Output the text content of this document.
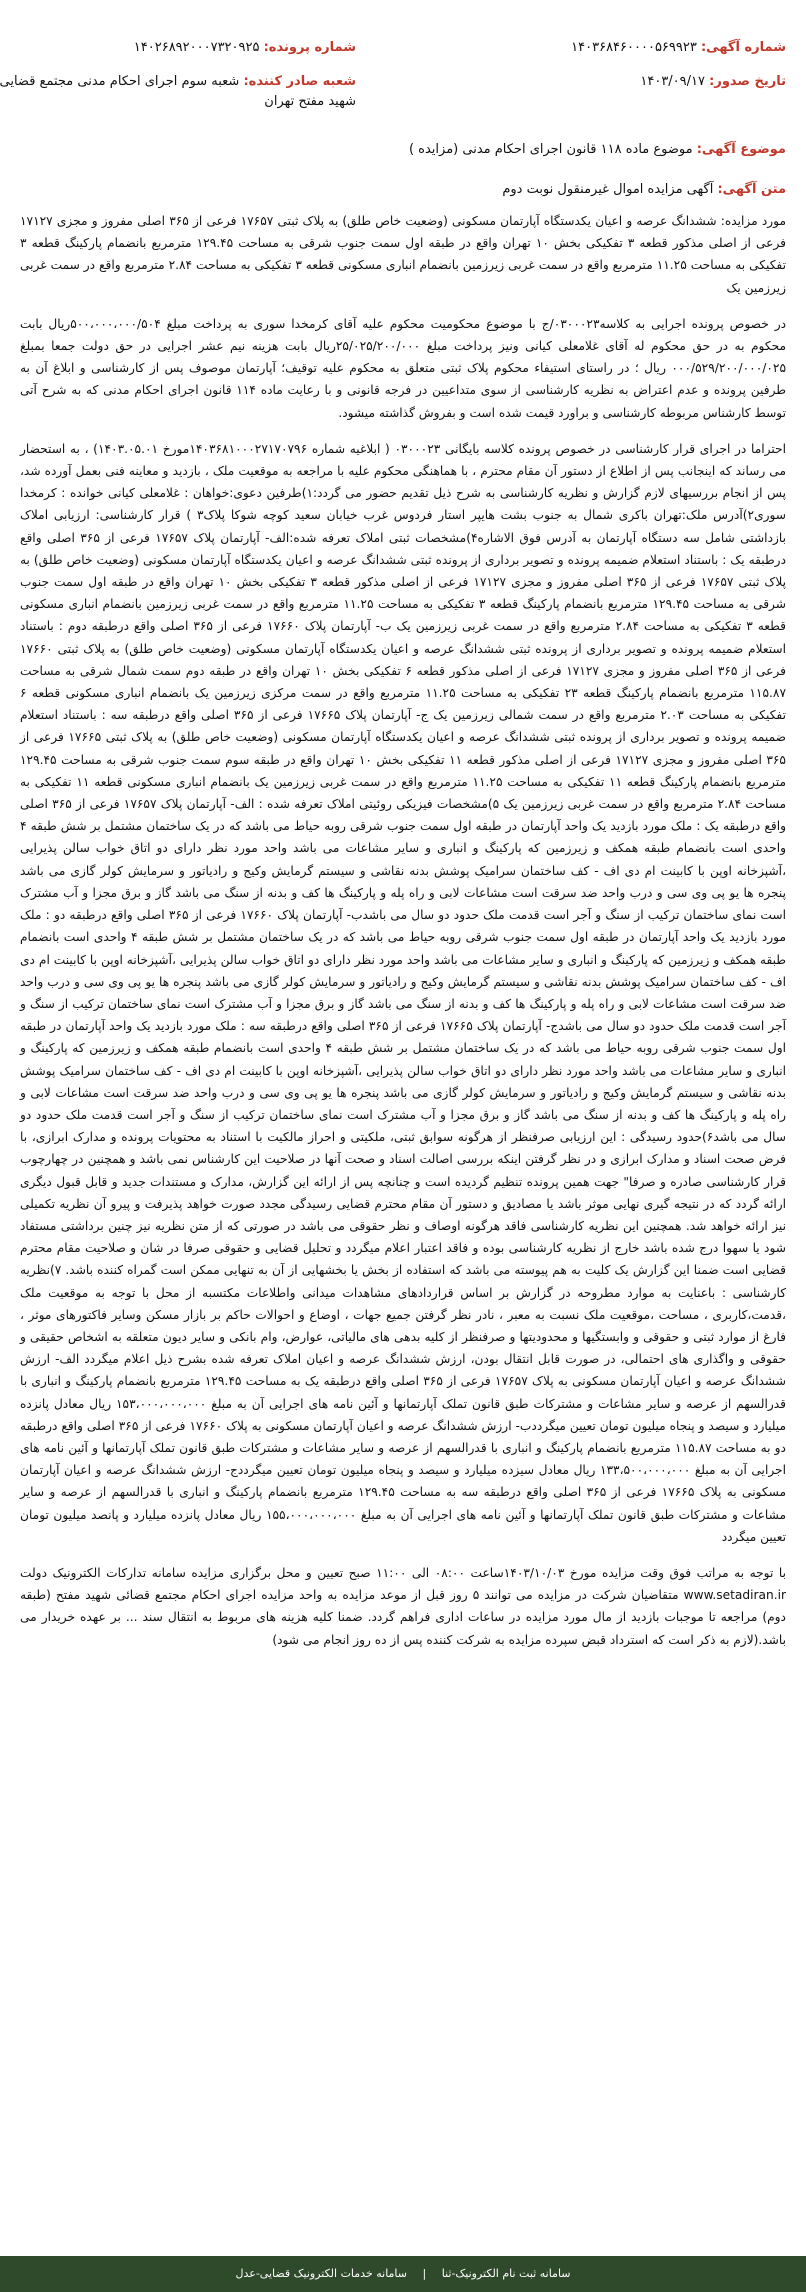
شماره آگهی: ۱۴۰۳۶۸۴۶۰۰۰۰۵۶۹۹۲۳
شماره پرونده: ۱۴۰۲۶۸۹۲۰۰۰۷۳۲۰۹۲۵
تاریخ صدور: ۱۴۰۳/۰۹/۱۷
شعبه صادر کننده: شعبه سوم اجرای احکام مدنی مجتمع قضایی شهید مفتح تهران
موضوع آگهی: موضوع ماده ۱۱۸ قانون اجرای احکام مدنی (مزایده )
متن آگهی: آگهی مزایده اموال غیرمنقول نوبت دوم

مورد مزایده: ششدانگ عرصه و اعیان یکدستگاه آپارتمان مسکونی (وضعیت خاص طلق) به پلاک ثبتی ۱۷۶۵۷ فرعی از ۳۶۵ اصلی مفروز و مجزی ۱۷۱۲۷ فرعی از اصلی مذکور قطعه ۳ تفکیکی بخش ۱۰ تهران واقع در طبقه اول سمت جنوب شرقی به مساحت ۱۲۹.۴۵ مترمربع بانضمام پارکینگ قطعه ۳ تفکیکی به مساحت ۱۱.۲۵ مترمربع واقع در سمت غربی زیرزمین بانضمام انباری مسکونی قطعه ۳ تفکیکی به مساحت ۲.۸۴ مترمربع واقع در سمت غربی زیرزمین یک

در خصوص پرونده اجرایی به کلاسه۰۳۰۰۰۲۳/ج با موضوع محکومیت محکوم علیه آقای کرمخدا سوری به پرداخت مبلغ ۵۰۰،۰۰۰،۰۰۰/۵۰۴ریال بابت محکوم به در حق محکوم له آقای غلامعلی کیانی ونیز پرداخت مبلغ ۲۵/۰۲۵/۲۰۰/۰۰۰ریال بابت هزینه نیم عشر اجرایی در حق دولت جمعا بمبلغ ۰۰۰/۵۲۹/۲۰۰/۰۰۰/۰۲۵ ریال ؛ در راستای استیفاء محکوم پلاک ثبتی متعلق به محکوم علیه توقیف؛ آپارتمان موصوف پس از کارشناسی و ابلاغ آن به طرفین پرونده و عدم اعتراض به نظریه کارشناسی از سوی متداعیین در فرجه قانونی و با رعایت ماده ۱۱۴ قانون اجرای احکام مدنی که به شرح آتی توسط کارشناس مربوطه کارشناسی و براورد قیمت شده است و بفروش گذاشته میشود.

احتراما در اجرای قرار کارشناسی در خصوص پرونده کلاسه بایگانی ۰۳۰۰۰۲۳ ( ابلاغیه شماره ۱۴۰۳۶۸۱۰۰۰۲۷۱۷۰۷۹۶مورخ ۱۴۰۳.۰۵.۰۱) ، به استحضار می رساند که اینجانب پس از اطلاع از دستور آن مقام محترم ، با هماهنگی محکوم علیه با مراجعه به موقعیت ملک ، بازدید و معاینه فنی بعمل آورده شد، پس از انجام بررسیهای لازم گزارش و نظریه کارشناسی به شرح ذیل تقدیم حضور می گردد:۱)طرفین دعوی:خواهان : غلامعلی کیانی خوانده : کرمخدا سوری۲)آدرس ملک:تهران باکری شمال به جنوب بشت هایپر استار فردوس غرب خیابان سعید کوچه شوکا پلاک۳ ) قرار کارشناسی: ارزیابی املاک بازداشتی شامل سه دستگاه آپارتمان به آدرس فوق الاشاره۴)مشخصات ثبتی املاک تعرفه شده:الف- آپارتمان پلاک ۱۷۶۵۷ فرعی از ۳۶۵ اصلی واقع درطبقه یک : باستناد استعلام ضمیمه پرونده و تصویر برداری از پرونده ثبتی ششدانگ عرصه و اعیان یکدستگاه آپارتمان مسکونی (وضعیت خاص طلق) به پلاک ثبتی ۱۷۶۵۷ فرعی از ۳۶۵ اصلی مفروز و مجزی ۱۷۱۲۷ فرعی از اصلی مذکور قطعه ۳ تفکیکی بخش ۱۰ تهران واقع در طبقه اول سمت جنوب شرقی به مساحت ۱۲۹.۴۵ مترمربع بانضمام پارکینگ قطعه ۳ تفکیکی به مساحت ۱۱.۲۵ مترمربع واقع در سمت غربی زیرزمین بانضمام انباری مسکونی قطعه ۳ تفکیکی به مساحت ۲.۸۴ مترمربع واقع در سمت غربی زیرزمین یک ب- آپارتمان پلاک ۱۷۶۶۰ فرعی از ۳۶۵ اصلی واقع درطبقه دوم : باستناد استعلام ضمیمه پرونده و تصویر برداری از پرونده ثبتی ششدانگ عرصه و اعیان یکدستگاه آپارتمان مسکونی (وضعیت خاص طلق) به پلاک ثبتی ۱۷۶۶۰ فرعی از ۳۶۵ اصلی مفروز و مجزی ۱۷۱۲۷ فرعی از اصلی مذکور قطعه ۶ تفکیکی بخش ۱۰ تهران واقع در طبقه دوم سمت شمال شرقی به مساحت ۱۱۵.۸۷ مترمربع بانضمام پارکینگ قطعه ۲۳ تفکیکی به مساحت ۱۱.۲۵ مترمربع واقع در سمت مرکزی زیرزمین یک بانضمام انباری مسکونی قطعه ۶ تفکیکی به مساحت ۲.۰۳ مترمربع واقع در سمت شمالی زیرزمین یک ج- آپارتمان پلاک ۱۷۶۶۵ فرعی از ۳۶۵ اصلی واقع درطبقه سه : باستناد استعلام ضمیمه پرونده و تصویر برداری از پرونده ثبتی ششدانگ عرصه و اعیان یکدستگاه آپارتمان مسکونی (وضعیت خاص طلق) به پلاک ثبتی ۱۷۶۶۵ فرعی از ۳۶۵ اصلی مفروز و مجزی ۱۷۱۲۷ فرعی از اصلی مذکور قطعه ۱۱ تفکیکی بخش ۱۰ تهران واقع در طبقه سوم سمت جنوب شرقی به مساحت ۱۲۹.۴۵ مترمربع بانضمام پارکینگ قطعه ۱۱ تفکیکی به مساحت ۱۱.۲۵ مترمربع واقع در سمت غربی زیرزمین یک بانضمام انباری مسکونی قطعه ۱۱ تفکیکی به مساحت ۲.۸۴ مترمربع واقع در سمت غربی زیرزمین یک ۵)مشخصات فیزیکی روئیتی املاک تعرفه شده : الف- آپارتمان پلاک ۱۷۶۵۷ فرعی از ۳۶۵ اصلی واقع درطبقه یک : ملک مورد بازدید یک واحد آپارتمان در طبقه اول سمت جنوب شرقی روبه حیاط می باشد که در یک ساختمان مشتمل بر شش طبقه ۴ واحدی است بانضمام طبقه همکف و زیرزمین که پارکینگ و انباری و سایر مشاعات می باشد واحد مورد نظر دارای دو اتاق خواب سالن پذیرایی ،آشپزخانه اوپن با کابینت ام دی اف - کف ساختمان سرامیک پوشش بدنه نقاشی و سیستم گرمایش وکیج و رادیاتور و سرمایش کولر گازی می باشد پنجره ها یو پی وی سی و درب واحد ضد سرقت است مشاعات لابی و راه پله و پارکینگ ها کف و بدنه از سنگ می باشد گاز و برق مجزا و آب مشترک است نمای ساختمان ترکیب از سنگ و آجر است قدمت ملک حدود دو سال می باشدب- آپارتمان پلاک ۱۷۶۶۰ فرعی از ۳۶۵ اصلی واقع درطبقه دو : ملک مورد بازدید یک واحد آپارتمان در طبقه اول سمت جنوب شرقی روبه حیاط می باشد که در یک ساختمان مشتمل بر شش طبقه ۴ واحدی است بانضمام طبقه همکف و زیرزمین که پارکینگ و انباری و سایر مشاعات می باشد واحد مورد نظر دارای دو اتاق خواب سالن پذیرایی ،آشپزخانه اوپن با کابینت ام دی اف - کف ساختمان سرامیک پوشش بدنه نقاشی و سیستم گرمایش وکیج و رادیاتور و سرمایش کولر گازی می باشد پنجره ها یو پی وی سی و درب واحد ضد سرقت است مشاعات لابی و راه پله و پارکینگ ها کف و بدنه از سنگ می باشد گاز و برق مجزا و آب مشترک است نمای ساختمان ترکیب از سنگ و آجر است قدمت ملک حدود دو سال می باشدج- آپارتمان پلاک ۱۷۶۶۵ فرعی از ۳۶۵ اصلی واقع درطبقه سه : ملک مورد بازدید یک واحد آپارتمان در طبقه اول سمت جنوب شرقی روبه حیاط می باشد که در یک ساختمان مشتمل بر شش طبقه ۴ واحدی است بانضمام طبقه همکف و زیرزمین که پارکینگ و انباری و سایر مشاعات می باشد واحد مورد نظر دارای دو اتاق خواب سالن پذیرایی ،آشپزخانه اوپن با کابینت ام دی اف - کف ساختمان سرامیک پوشش بدنه نقاشی و سیستم گرمایش وکیج و رادیاتور و سرمایش کولر گازی می باشد پنجره ها یو پی وی سی و درب واحد ضد سرقت است مشاعات لابی و راه پله و پارکینگ ها کف و بدنه از سنگ می باشد گاز و برق مجزا و آب مشترک است نمای ساختمان ترکیب از سنگ و آجر است قدمت ملک حدود دو سال می باشد۶)حدود رسیدگی : این ارزیابی صرفنظر از هرگونه سوابق ثبتی، ملکیتی و احراز مالکیت با استناد به محتویات پرونده و مدارک ابرازی، با فرض صحت اسناد و مدارک ابرازی و در نظر گرفتن اینکه بررسی اصالت اسناد و صحت آنها در صلاحیت این کارشناس نمی باشد و همچنین در چهارچوب قرار کارشناسی صادره و صرفا" جهت همین پرونده تنظیم گردیده است و چنانچه پس از ارائه این گزارش، مدارک و مستندات جدید و قابل قبول دیگری ارائه گردد که در نتیجه گیری نهایی موثر باشد یا مصادیق و دستور آن مقام محترم قضایی رسیدگی مجدد صورت خواهد پذیرفت و پیرو آن نظریه تکمیلی نیز ارائه خواهد شد. همچنین این نظریه کارشناسی فاقد هرگونه اوصاف و نظر حقوقی می باشد در صورتی که از متن نظریه نیز چنین برداشتی مستفاد شود یا سهوا درج شده باشد خارج از نظریه کارشناسی بوده و فاقد اعتبار اعلام میگردد و تحلیل قضایی و حقوقی صرفا در شان و صلاحیت مقام محترم قضایی است ضمنا این گزارش یک کلیت به هم پیوسته می باشد که استفاده از بخش یا بخشهایی از آن به تنهایی ممکن است گمراه کننده باشد. ۷)نظریه کارشناسی : باعنایت به موارد مطروحه در گزارش بر اساس قراردادهای مشاهدات میدانی واطلاعات مکتسبه از محل با توجه به موقعیت ملک ،قدمت،کاربری ، مساحت ،موقعیت ملک نسبت به معبر ، نادر نظر گرفتن جمیع جهات ، اوضاع و احوالات حاکم بر بازار مسکن وسایر فاکتورهای موثر ، فارغ از موارد ثبتی و حقوقی و وابستگیها و محدودیتها و صرفنظر از کلیه بدهی های مالیاتی، عوارض، وام بانکی و سایر دیون متعلقه به اشخاص حقیقی و حقوقی و واگذاری های احتمالی، در صورت قابل انتقال بودن، ارزش ششدانگ عرصه و اعیان املاک تعرفه شده بشرح ذیل اعلام میگردد الف- ارزش ششدانگ عرصه و اعیان آپارتمان مسکونی به پلاک ۱۷۶۵۷ فرعی از ۳۶۵ اصلی واقع درطبقه یک به مساحت ۱۲۹.۴۵ مترمربع بانضمام پارکینگ و انباری با قدرالسهم از عرصه و سایر مشاعات و مشترکات طبق قانون تملک آپارتمانها و آئین نامه های اجرایی آن به مبلغ ۱۵۳،۰۰۰،۰۰۰،۰۰۰ ریال معادل پانزده میلیارد و سیصد و پنجاه میلیون تومان تعیین میگرددب- ارزش ششدانگ عرصه و اعیان آپارتمان مسکونی به پلاک ۱۷۶۶۰ فرعی از ۳۶۵ اصلی واقع درطبقه دو به مساحت ۱۱۵.۸۷ مترمربع بانضمام پارکینگ و انباری با قدرالسهم از عرصه و سایر مشاعات و مشترکات طبق قانون تملک آپارتمانها و آئین نامه های اجرایی آن به مبلغ ۱۳۳،۵۰۰،۰۰۰،۰۰۰ ریال معادل سیزده میلیارد و سیصد و پنجاه میلیون تومان تعیین میگرددج- ارزش ششدانگ عرصه و اعیان آپارتمان مسکونی به پلاک ۱۷۶۶۵ فرعی از ۳۶۵ اصلی واقع درطبقه سه به مساحت ۱۲۹.۴۵ مترمربع بانضمام پارکینگ و انباری با قدرالسهم از عرصه و سایر مشاعات و مشترکات طبق قانون تملک آپارتمانها و آئین نامه های اجرایی آن به مبلغ ۱۵۵،۰۰۰،۰۰۰،۰۰۰ ریال معادل پانزده میلیارد و پانصد میلیون تومان تعیین میگردد

با توجه به مراتب فوق وقت مزایده مورخ ۱۴۰۳/۱۰/۰۳ساعت ۰۸:۰۰ الی ۱۱:۰۰ صبح تعیین و محل برگزاری مزایده سامانه تدارکات الکترونیک دولت www.setadiran.ir متقاضیان شرکت در مزایده می توانند ۵ روز قبل از موعد مزایده به واحد مزایده اجرای احکام مجتمع قضائی شهید مفتح (طبقه دوم) مراجعه تا موجبات بازدید از مال مورد مزایده در ساعات اداری فراهم گردد. ضمنا کلیه هزینه های مربوط به انتقال سند ... بر عهده خریدار می باشد.(لازم به ذکر است که استرداد قبض سپرده مزایده به شرکت کننده پس از ده روز انجام می شود)

سامانه ثبت نام الکترونیک-ثنا | سامانه خدمات الکترونیک قضایی-عدل
